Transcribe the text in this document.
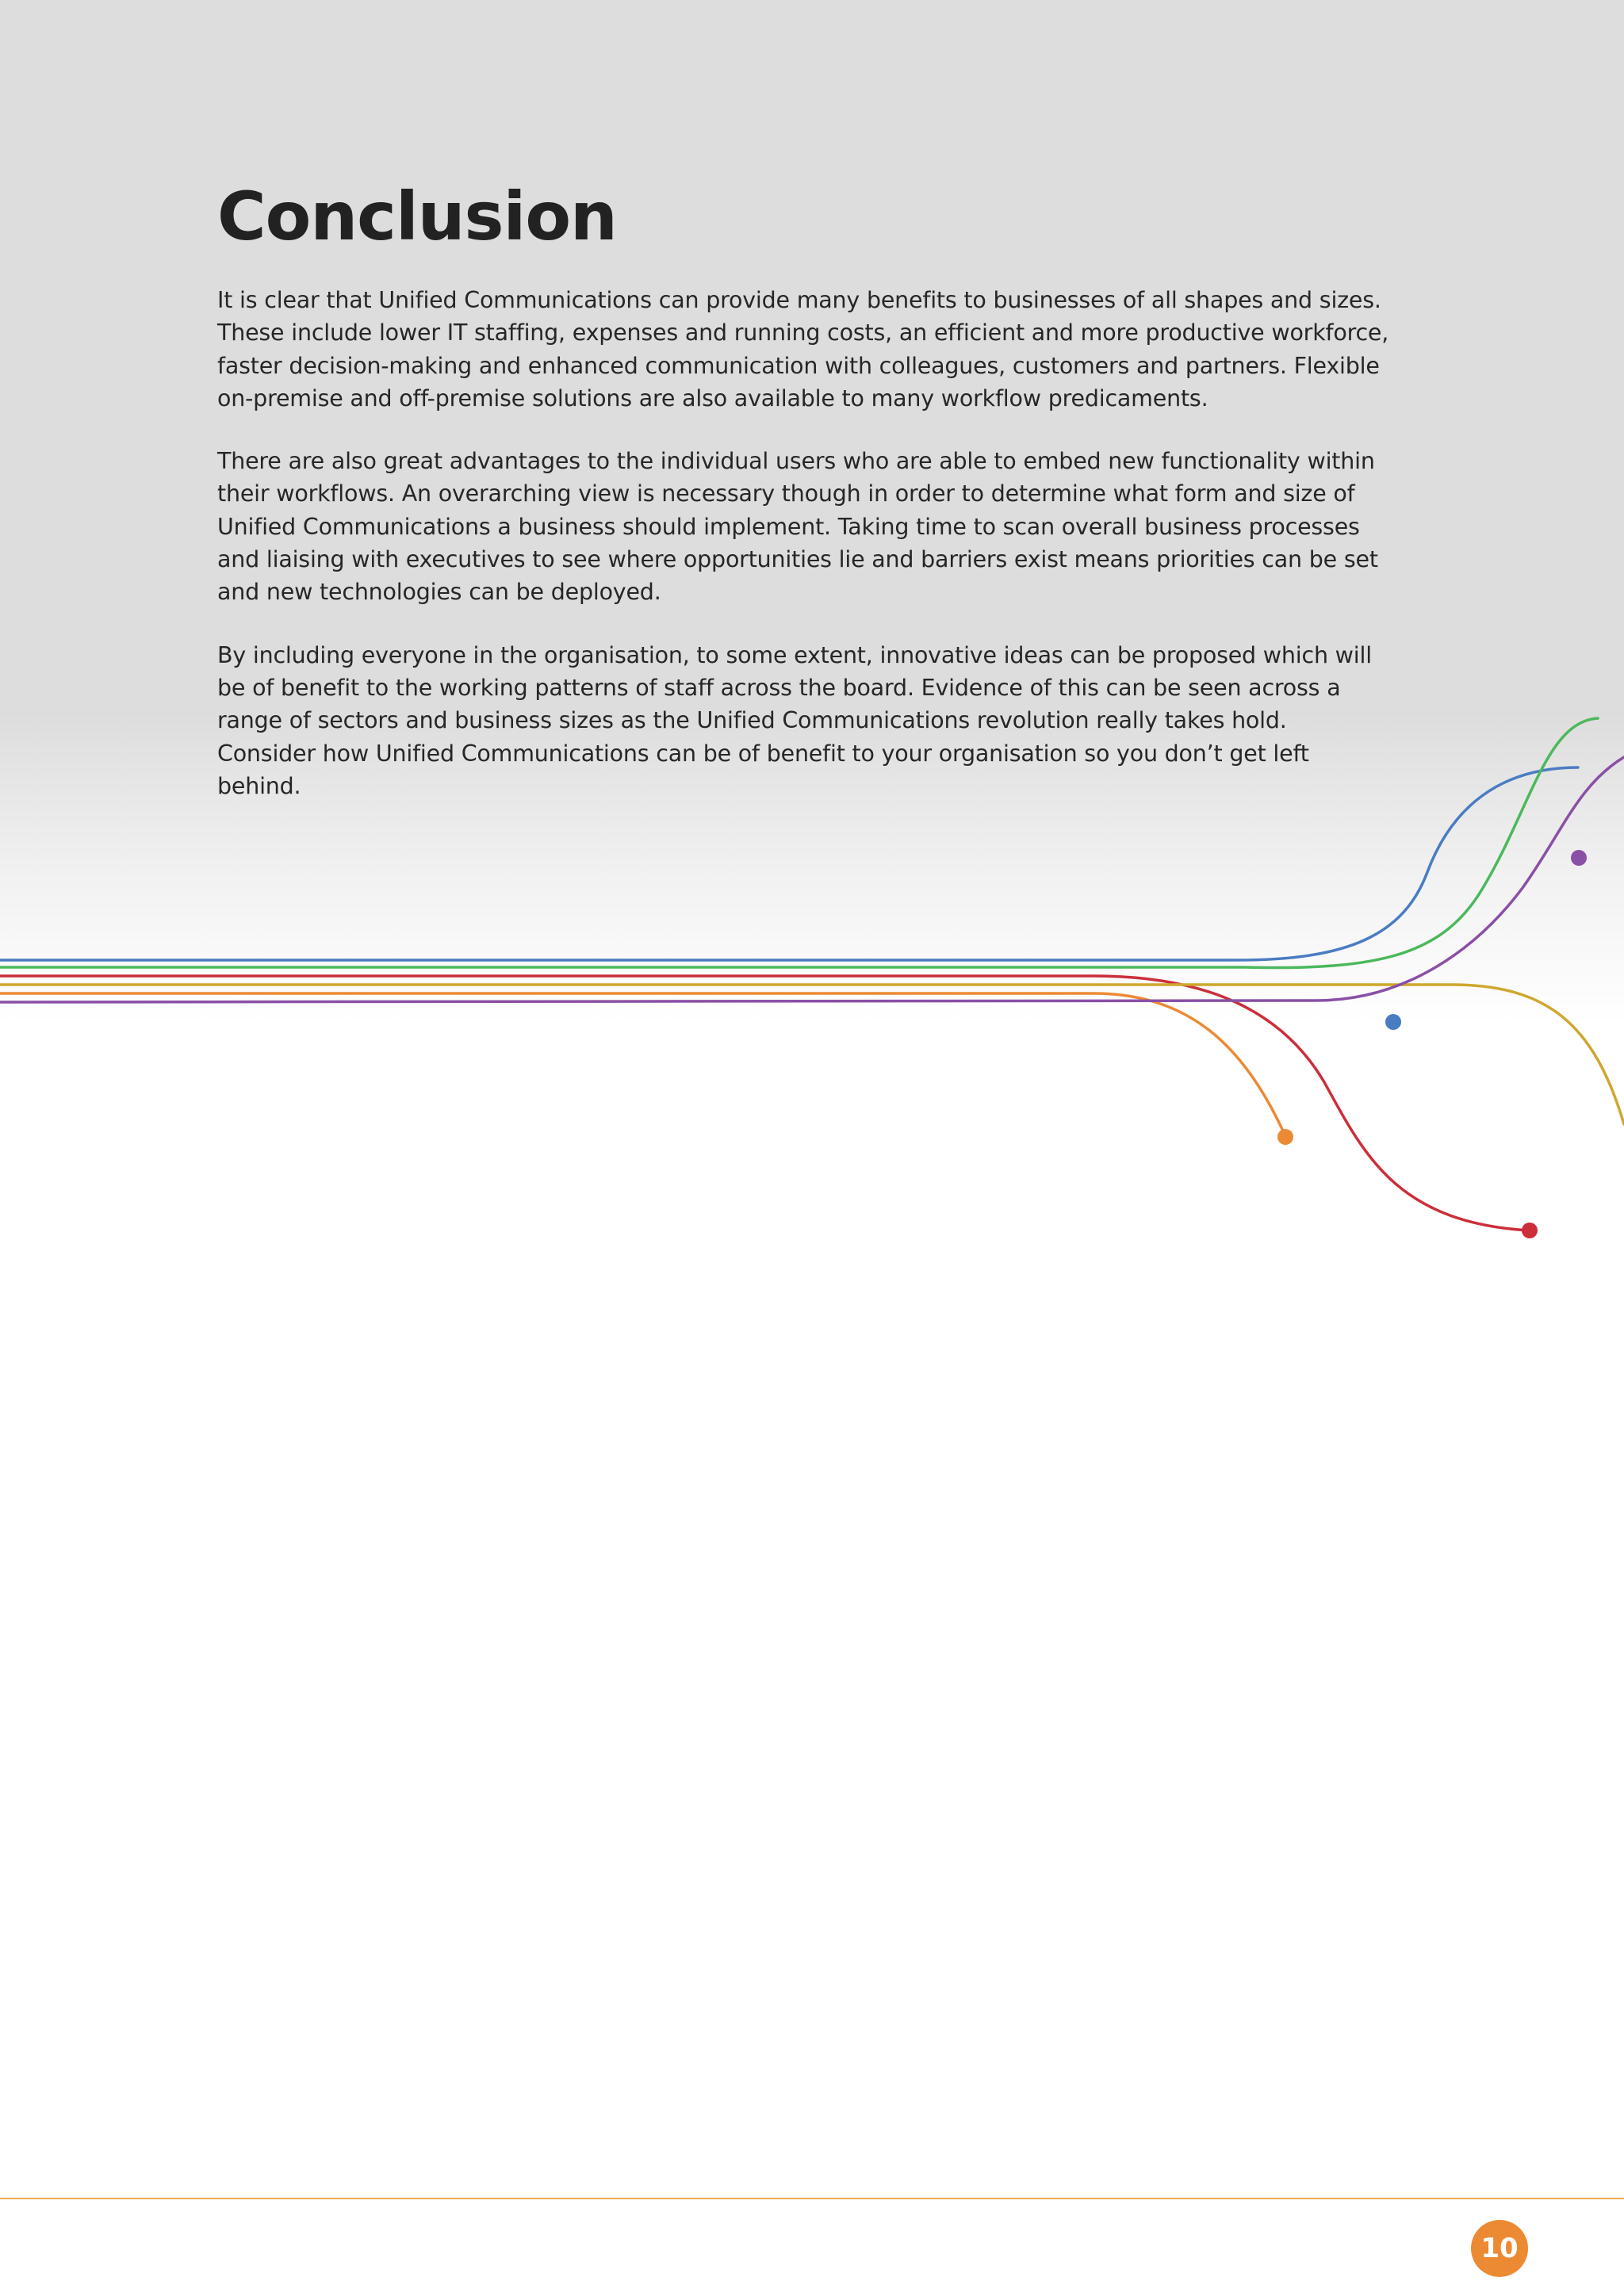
Conclusion

It is clear that Unified Communications can provide many benefits to businesses of all shapes and sizes. These include lower IT staffing, expenses and running costs, an efficient and more productive workforce, faster decision-making and enhanced communication with colleagues, customers and partners. Flexible on-premise and off-premise solutions are also available to many workflow predicaments.

There are also great advantages to the individual users who are able to embed new functionality within their workflows. An overarching view is necessary though in order to determine what form and size of Unified Communications a business should implement. Taking time to scan overall business processes and liaising with executives to see where opportunities lie and barriers exist means priorities can be set and new technologies can be deployed.

By including everyone in the organisation, to some extent, innovative ideas can be proposed which will be of benefit to the working patterns of staff across the board. Evidence of this can be seen across a range of sectors and business sizes as the Unified Communications revolution really takes hold. Consider how Unified Communications can be of benefit to your organisation so you don’t get left behind.

10
